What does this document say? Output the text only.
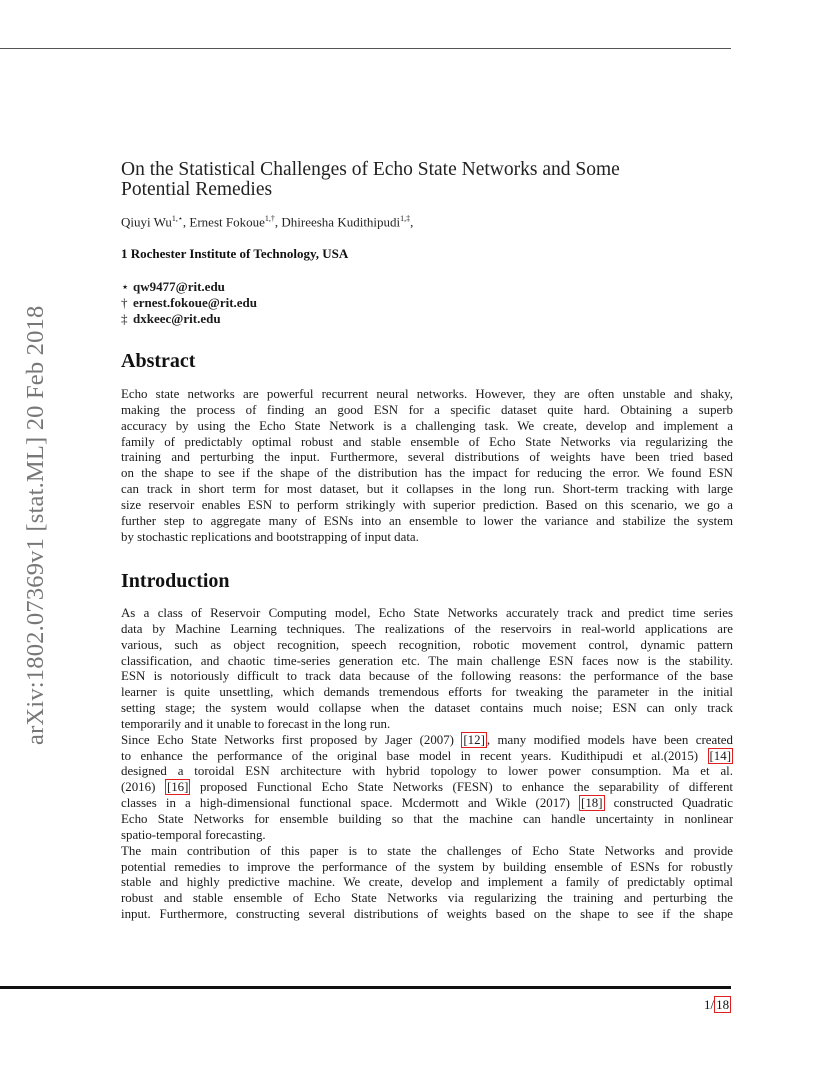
arXiv:1802.07369v1 [stat.ML] 20 Feb 2018
On the Statistical Challenges of Echo State Networks and Some
Potential Remedies
Qiuyi $Wu^{1,⋆}$, Ernest Fokoue$^{1,\dagger}$, Dhireesha Kudithipudi$^{1,\ddagger}$,
1 Rochester Institute of Technology, USA
⋆ qw9477@rit.edu
† ernest.fokoue@rit.edu
‡ dxkeec@rit.edu
Abstract
Echo state networks are powerful recurrent neural networks. However, they are often unstable and shaky,
making the process of finding an good ESN for a specific dataset quite hard. Obtaining a superb
accuracy by using the Echo State Network is a challenging task. We create, develop and implement a
family of predictably optimal robust and stable ensemble of Echo State Networks via regularizing the
training and perturbing the input. Furthermore, several distributions of weights have been tried based
on the shape to see if the shape of the distribution has the impact for reducing the error. We found ESN
can track in short term for most dataset, but it collapses in the long run. Short-term tracking with large
size reservoir enables ESN to perform strikingly with superior prediction. Based on this scenario, we go a
further step to aggregate many of ESNs into an ensemble to lower the variance and stabilize the system
by stochastic replications and bootstrapping of input data.
Introduction
As a class of Reservoir Computing model, Echo State Networks accurately track and predict time series
data by Machine Learning techniques. The realizations of the reservoirs in real-world applications are
various, such as object recognition, speech recognition, robotic movement control, dynamic pattern
classification, and chaotic time-series generation etc. The main challenge ESN faces now is the stability.
ESN is notoriously difficult to track data because of the following reasons: the performance of the base
learner is quite unsettling, which demands tremendous efforts for tweaking the parameter in the initial
setting stage; the system would collapse when the dataset contains much noise; ESN can only track
temporarily and it unable to forecast in the long run.
Since Echo State Networks first proposed by Jager (2007) [12] , many modified models have been created
to enhance the performance of the original base model in recent years. Kudithipudi et al.(2015) [14]
designed a toroidal ESN architecture with hybrid topology to lower power consumption. Ma et al.
(2016) [16] proposed Functional Echo State Networks (FESN) to enhance the separability of different
classes in a high-dimensional functional space. Mcdermott and Wikle (2017) [18] constructed Quadratic
Echo State Networks for ensemble building so that the machine can handle uncertainty in nonlinear
spatio-temporal forecasting.
The main contribution of this paper is to state the challenges of Echo State Networks and provide
potential remedies to improve the performance of the system by building ensemble of ESNs for robustly
stable and highly predictive machine. We create, develop and implement a family of predictably optimal
robust and stable ensemble of Echo State Networks via regularizing the training and perturbing the
input. Furthermore, constructing several distributions of weights based on the shape to see if the shape
1/ 18
